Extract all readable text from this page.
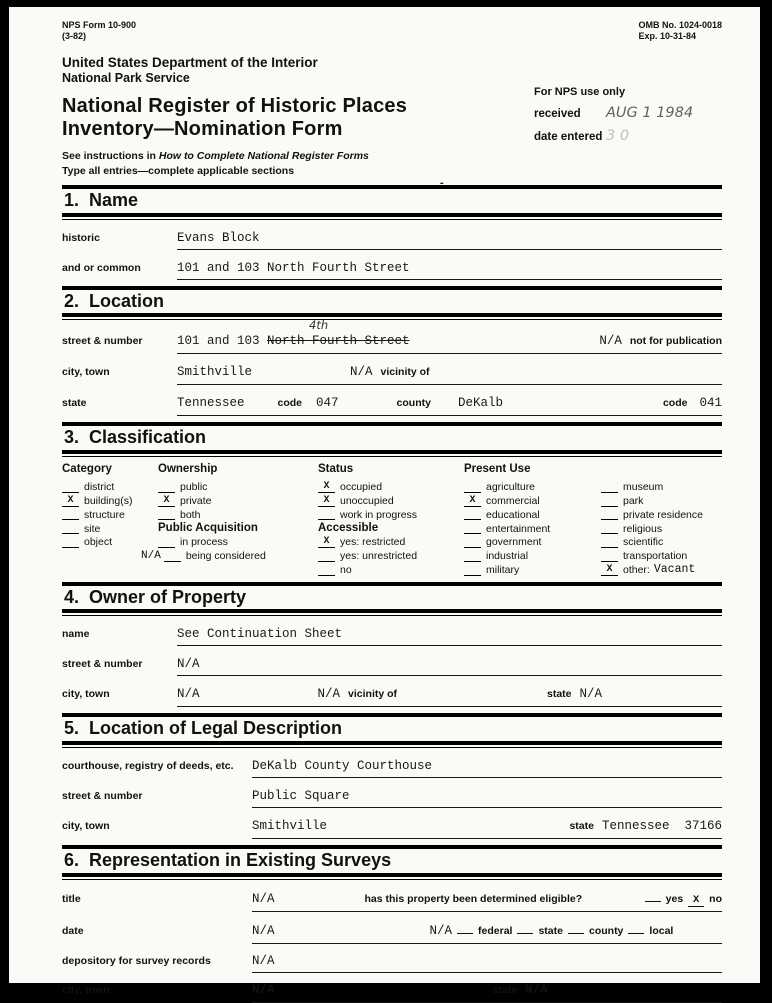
NPS Form 10-900
(3-82)
OMB No. 1024-0018
Exp. 10-31-84
United States Department of the Interior
National Park Service
National Register of Historic Places
Inventory—Nomination Form
For NPS use only
received	AUG 1 1984
date entered 3 0
See instructions in How to Complete National Register Forms
Type all entries—complete applicable sections
1.  Name
-
historic	Evans Block
and or common	101 and 103 North Fourth Street
2.  Location
street & number	101 and 103 North Fourth Street
4th
N/A not for publication
city, town	Smithville	N/A vicinity of
state	Tennessee	code 047	county DeKalb	code 041
3.  Classification
Category
district
X	building(s)
structure
site
object
Ownership
public
X	private
both
Public Acquisition
in process
N/A being considered
Status
X	occupied
X	unoccupied
work in progress
Accessible
X	yes: restricted
yes: unrestricted
no
Present Use
agriculture
X	commercial
educational
entertainment
government
industrial
military
museum
park
private residence
religious
scientific
transportation
X	other: Vacant
4.  Owner of Property
name	See Continuation Sheet
street & number	N/A
city, town	N/A	N/A vicinity of	state N/A
5.  Location of Legal Description
courthouse, registry of deeds, etc.	DeKalb County Courthouse
street & number	Public Square
city, town	Smithville	state Tennessee  37166
6.  Representation in Existing Surveys
title	N/A	has this property been determined eligible?	yes X no
date	N/A	N/A federal state county local
depository for survey records	N/A
city, town	N/A	state N/A
